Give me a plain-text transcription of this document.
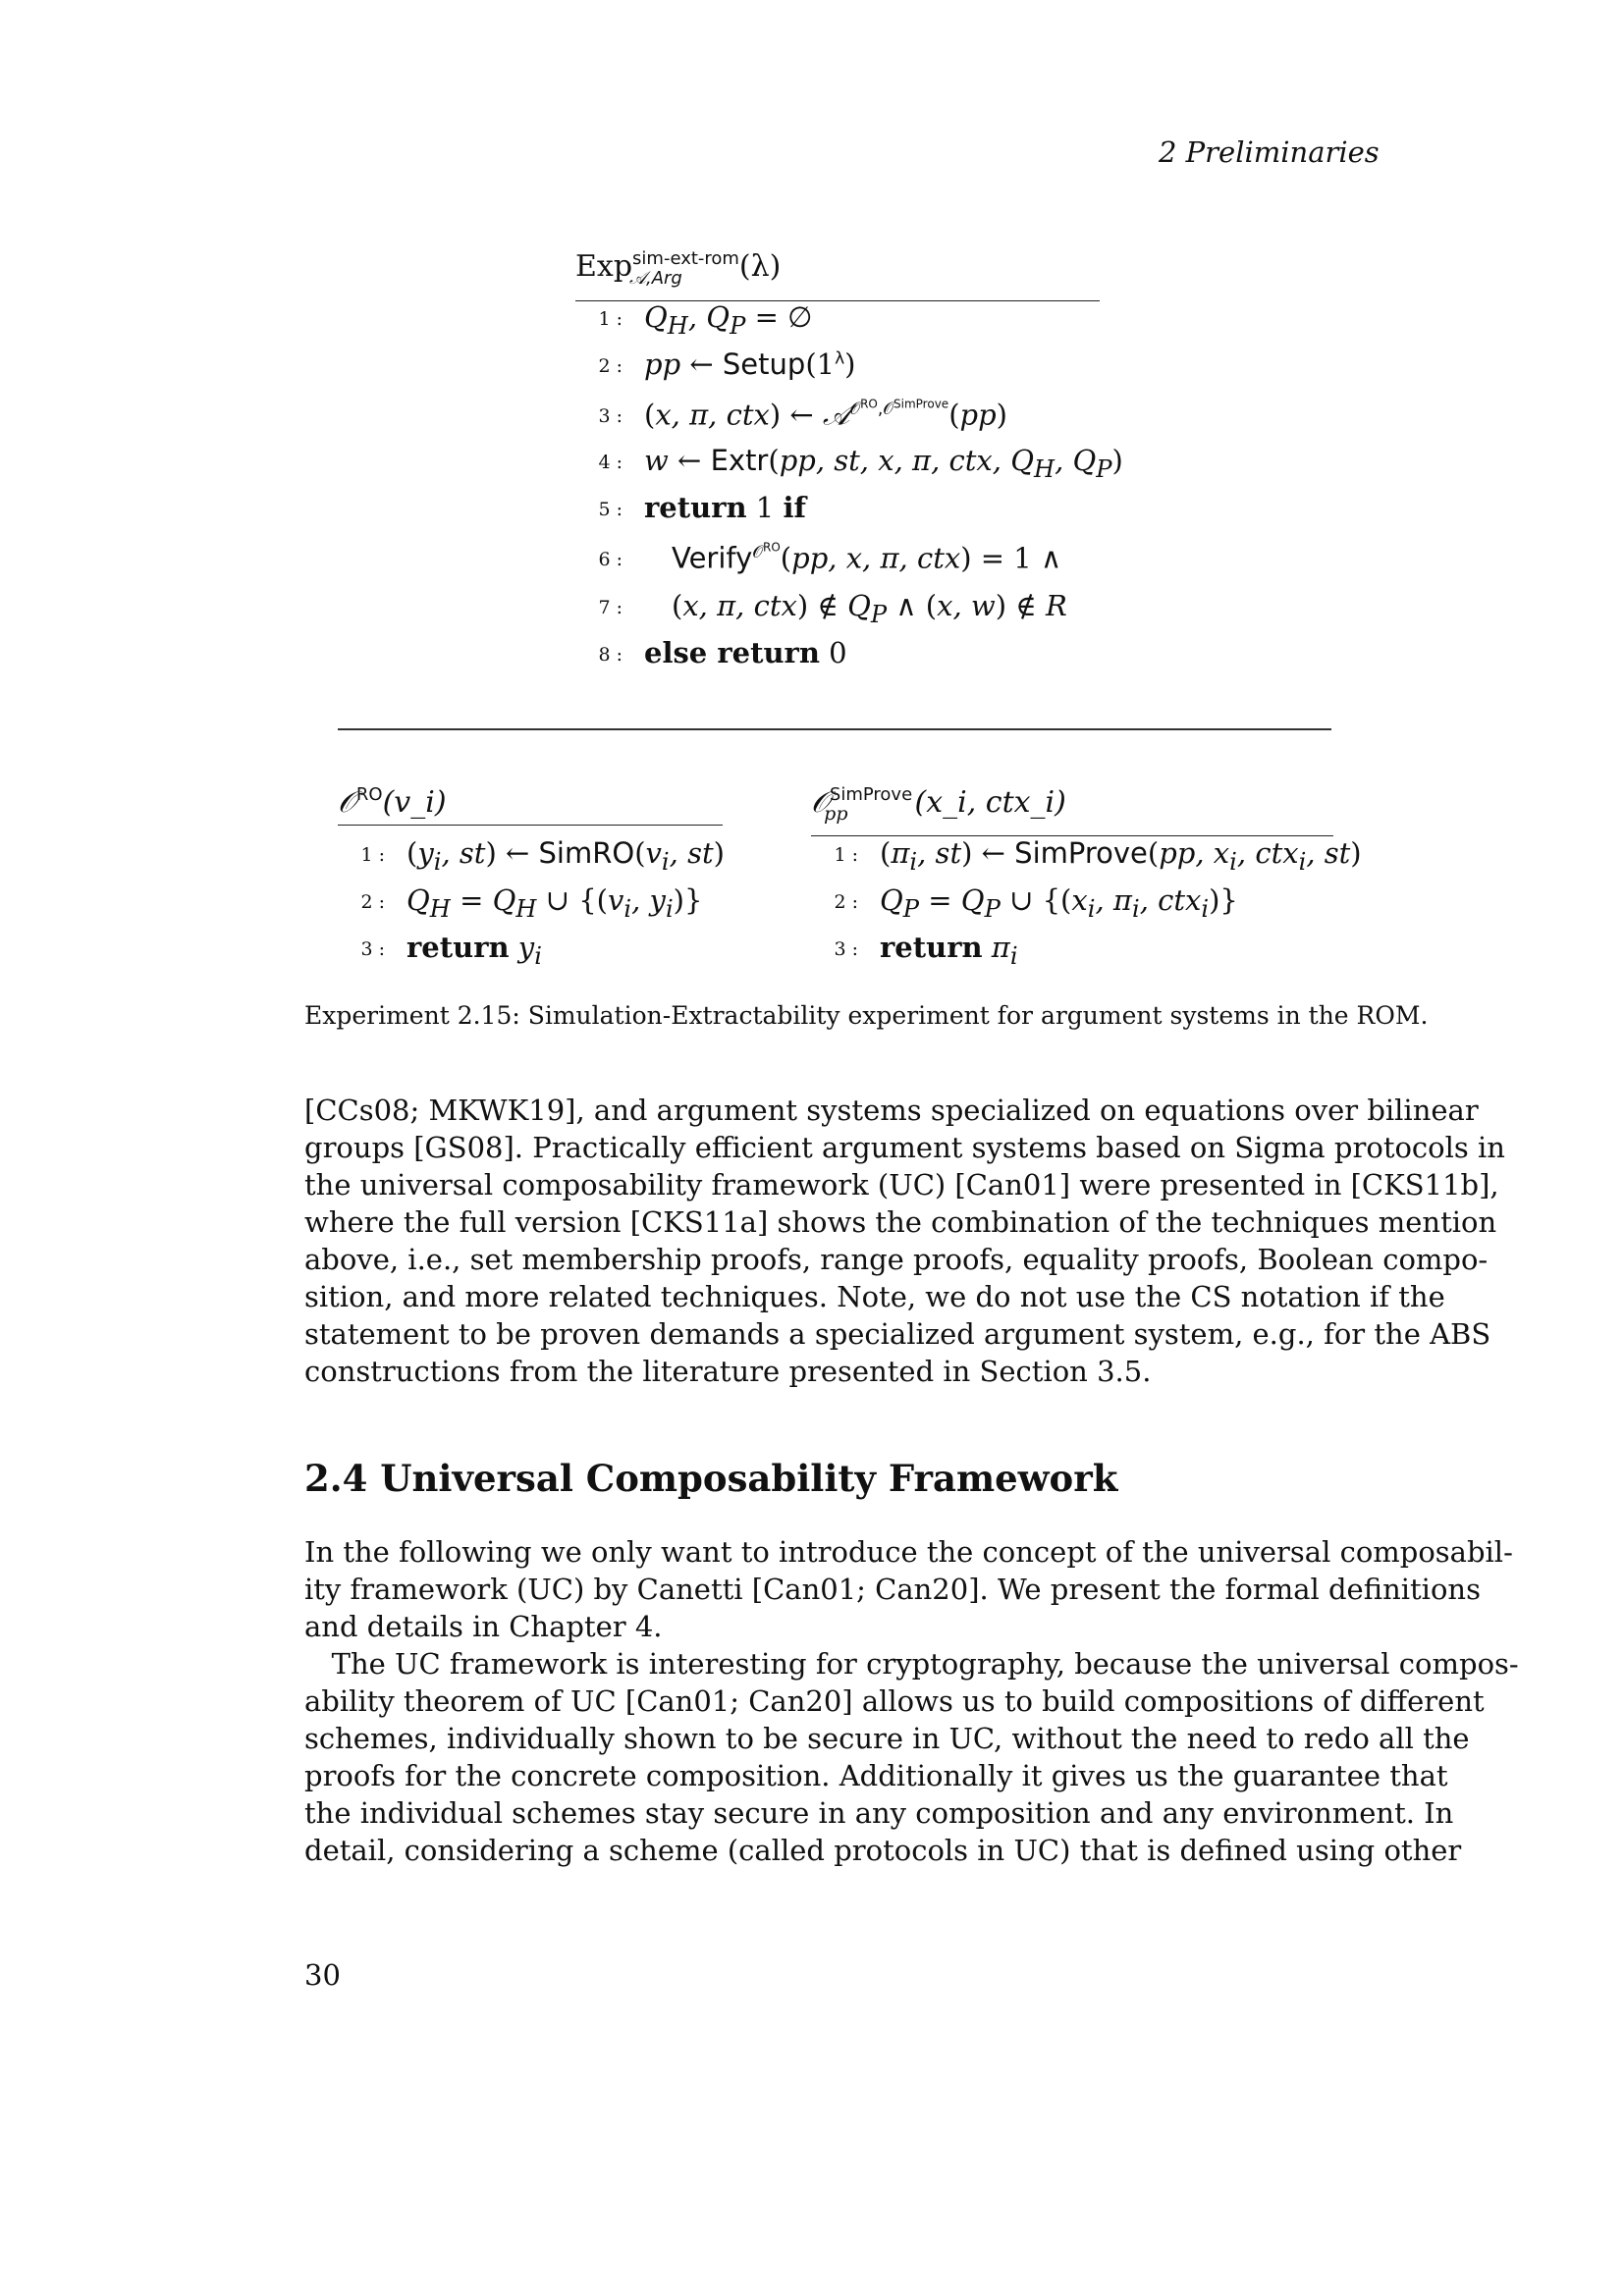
2 Preliminaries
Exp$^{sim-ext-rom}_{𝒜,Arg}$ (λ)
1 : $Q_H$, $Q_P$ = ∅
2 : pp ← $Setup(1^\lambda)$
3 : (x, π, ctx) ← 𝒜$^{𝒪^{RO},𝒪^{SimProve}}$(pp)
4 : w ← Extr(pp, st, x, π, ctx, $Q_H$, $Q_P$)
5 : return 1 if
6 : Verify$^{𝒪^{RO}}$(pp, x, π, ctx) = 1 ∧
7 : (x, π, ctx) ∉ $Q_P$ ∧ (x, w) ∉ R
8 : else return 0
𝒪$^{RO}$(v_i)
1 : ($y_i$, st) ← $SimRO(v_i$, st)
2 : $Q_H = Q_H$ ∪ {($v_i$, $y_i$)}
3 : return $y_i$
𝒪$^{SimProve}_{pp}$ (x_i, ctx_i)
1 : ($\pi_i$, st) ← SimProve(pp, $x_i$, ctx$_i$, st)
2 : $Q_P = Q_P$ ∪ {($x_i$, $\pi_i$, ctx$_i$)}
3 : return $\pi_i$
Experiment 2.15: Simulation-Extractability experiment for argument systems in the ROM.
[CCs08; MKWK19], and argument systems specialized on equations over bilinear
groups [GS08]. Practically efficient argument systems based on Sigma protocols in
the universal composability framework (UC) [Can01] were presented in [CKS11b],
where the full version [CKS11a] shows the combination of the techniques mention
above, i.e., set membership proofs, range proofs, equality proofs, Boolean compo-
sition, and more related techniques. Note, we do not use the CS notation if the
statement to be proven demands a specialized argument system, e.g., for the ABS
constructions from the literature presented in Section 3.5.
2.4 Universal Composability Framework
In the following we only want to introduce the concept of the universal composabil-
ity framework (UC) by Canetti [Can01; Can20]. We present the formal definitions
and details in Chapter 4.
The UC framework is interesting for cryptography, because the universal compos-
ability theorem of UC [Can01; Can20] allows us to build compositions of different
schemes, individually shown to be secure in UC, without the need to redo all the
proofs for the concrete composition. Additionally it gives us the guarantee that
the individual schemes stay secure in any composition and any environment. In
detail, considering a scheme (called protocols in UC) that is defined using other
30
